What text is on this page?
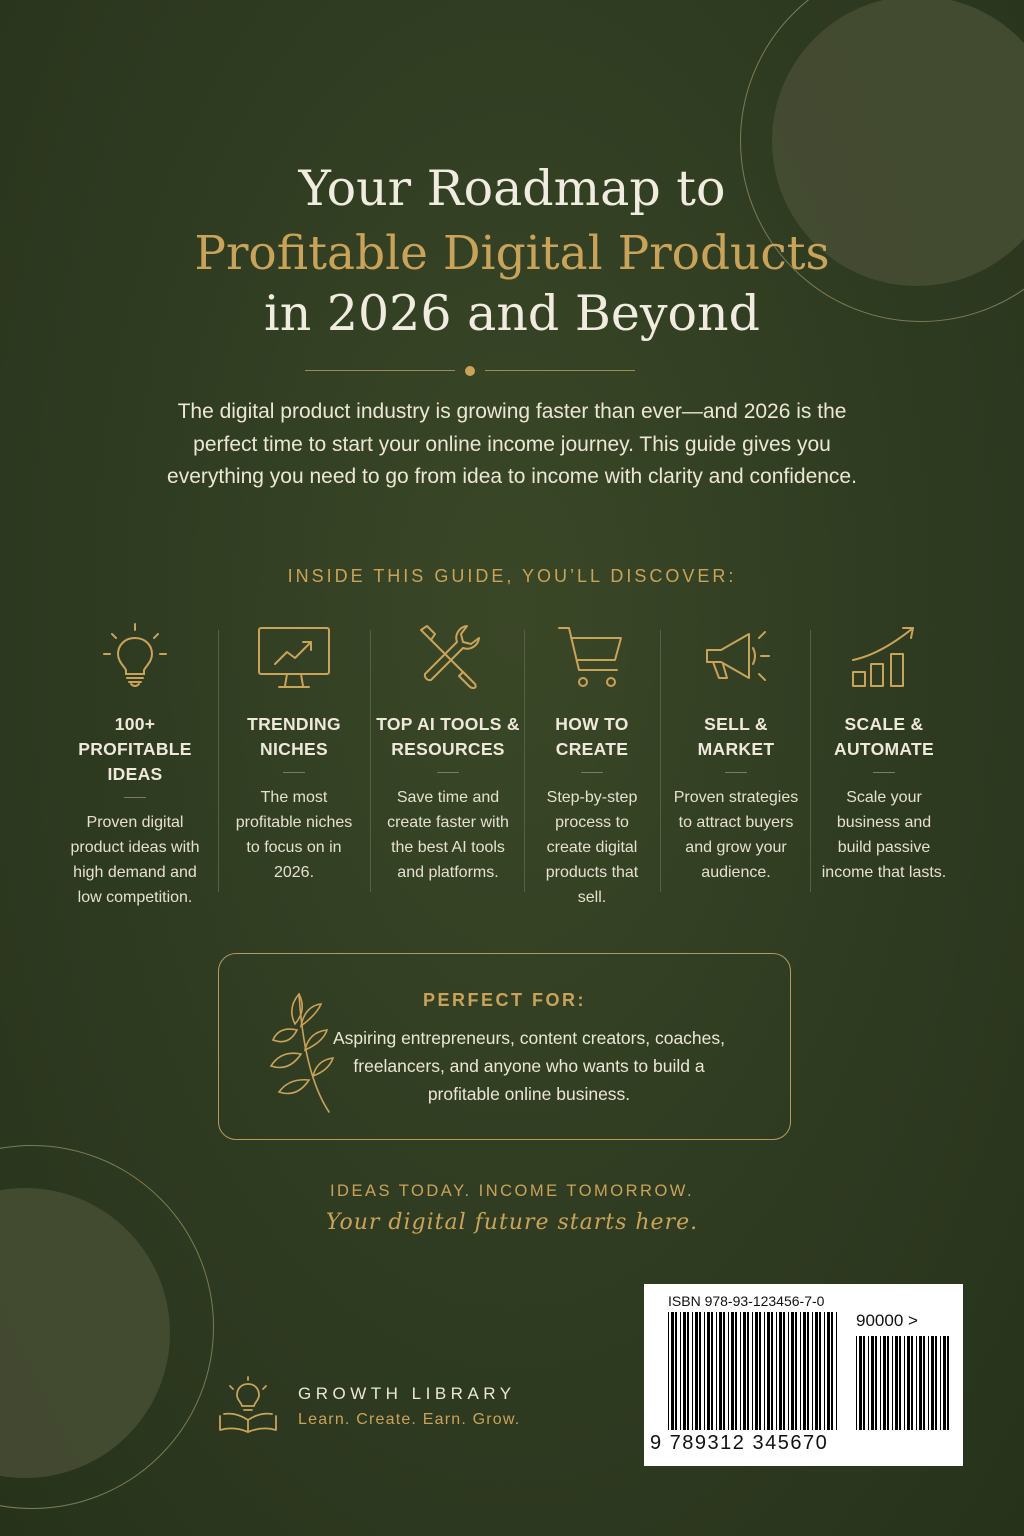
Your Roadmap to
Profitable Digital Products
in 2026 and Beyond

The digital product industry is growing faster than ever—and 2026 is the perfect time to start your online income journey. This guide gives you everything you need to go from idea to income with clarity and confidence.

INSIDE THIS GUIDE, YOU’LL DISCOVER:
100+ PROFITABLE IDEAS
Proven digital product ideas with high demand and low competition.
TRENDING NICHES
The most profitable niches to focus on in 2026.
TOP AI TOOLS & RESOURCES
Save time and create faster with the best AI tools and platforms.
HOW TO CREATE
Step-by-step process to create digital products that sell.
SELL & MARKET
Proven strategies to attract buyers and grow your audience.
SCALE & AUTOMATE
Scale your business and build passive income that lasts.
PERFECT FOR:
Aspiring entrepreneurs, content creators, coaches, freelancers, and anyone who wants to build a profitable online business.
IDEAS TODAY. INCOME TOMORROW.
Your digital future starts here.
GROWTH LIBRARY
Learn. Create. Earn. Grow.
ISBN 978-93-123456-7-0
90000 >
9 789312 345670
